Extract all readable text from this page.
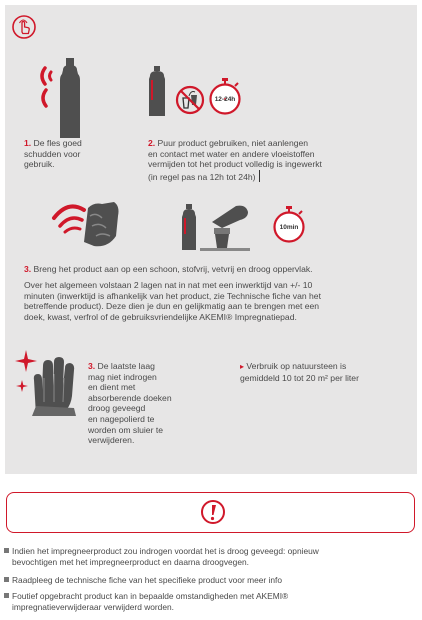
1. De fles goed
schudden voor
gebruik.
12-24h
2. Puur product gebruiken, niet aanlengen
en contact met water en andere vloeistoffen
vermijden tot het product volledig is ingewerkt
(in regel pas na 12h tot 24h)
10min
3. Breng het product aan op een schoon, stofvrij, vetvrij en droog oppervlak.
Over het algemeen volstaan 2 lagen nat in nat met een inwerktijd van +/- 10
minuten (inwerktijd is afhankelijk van het product, zie Technische fiche van het
betreffende product). Deze dien je dun en gelijkmatig aan te brengen met een
doek, kwast, verfrol of de gebruiksvriendelijke AKEMI® Impregnatiepad.
3. De laatste laag
mag niet indrogen
en dient met
absorberende doeken
droog geveegd
en nagepolierd te
worden om sluier te
verwijderen.
▸ Verbruik op natuursteen is
gemiddeld 10 tot 20 m² per liter
Indien het impregneerproduct zou indrogen voordat het is droog geveegd: opnieuw
bevochtigen met het impregneerproduct en daarna droogvegen.
Raadpleeg de technische fiche van het specifieke product voor meer info
Foutief opgebracht product kan in bepaalde omstandigheden met AKEMI®
impregnatieverwijderaar verwijderd worden.
